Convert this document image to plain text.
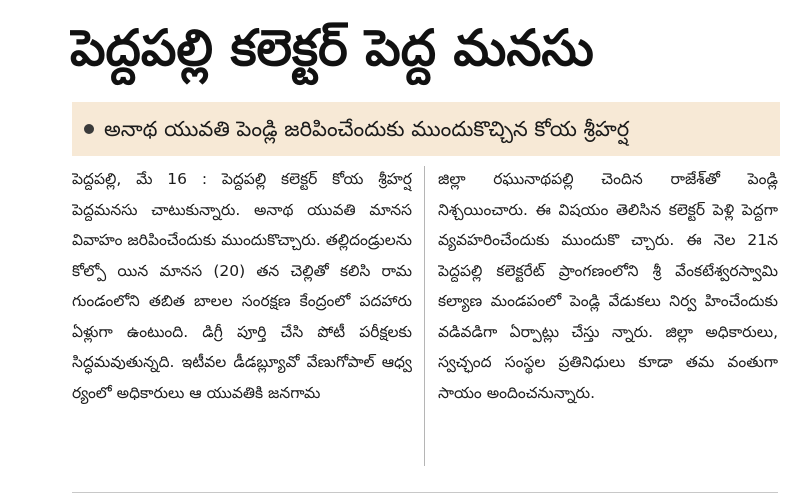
పెద్దపల్లి కలెక్టర్ పెద్ద మనసు
అనాథ యువతి పెండ్లి జరిపించేందుకు ముందుకొచ్చిన కోయ శ్రీహర్ష
పెద్దపల్లి, మే 16 : పెద్దపల్లి కలెక్టర్ కోయ శ్రీహర్ష పెద్దమనసు చాటుకున్నారు. అనాథ యువతి మానస వివాహం జరిపించేందుకు ముందుకొచ్చారు. తల్లిదండ్రులను కోల్పో యిన మానస (20) తన చెల్లితో కలిసి రామ గుండంలోని తబిత బాలల సంరక్షణ కేంద్రంలో పదహారు ఏళ్లుగా ఉంటుంది. డిగ్రీ పూర్తి చేసి పోటీ పరీక్షలకు సిద్ధమవుతున్నది. ఇటీవల డీడబ్ల్యూవో వేణుగోపాల్ ఆధ్వ ర్యంలో అధికారులు ఆ యువతికి జనగామ
జిల్లా రఘునాథపల్లి చెందిన రాజేశ్‌తో పెండ్లి నిశ్చయించారు. ఈ విషయం తెలిసిన కలెక్టర్ పెళ్లి పెద్దగా వ్యవహరించేందుకు ముందుకొ చ్చారు. ఈ నెల 21న పెద్దపల్లి కలెక్టరేట్ ప్రాంగణంలోని శ్రీ వేంకటేశ్వరస్వామి కల్యాణ మండపంలో పెండ్లి వేడుకలు నిర్వ హించేందుకు వడివడిగా ఏర్పాట్లు చేస్తు న్నారు. జిల్లా అధికారులు, స్వచ్ఛంద సంస్థల ప్రతినిధులు కూడా తమ వంతుగా సాయం అందించనున్నారు.
